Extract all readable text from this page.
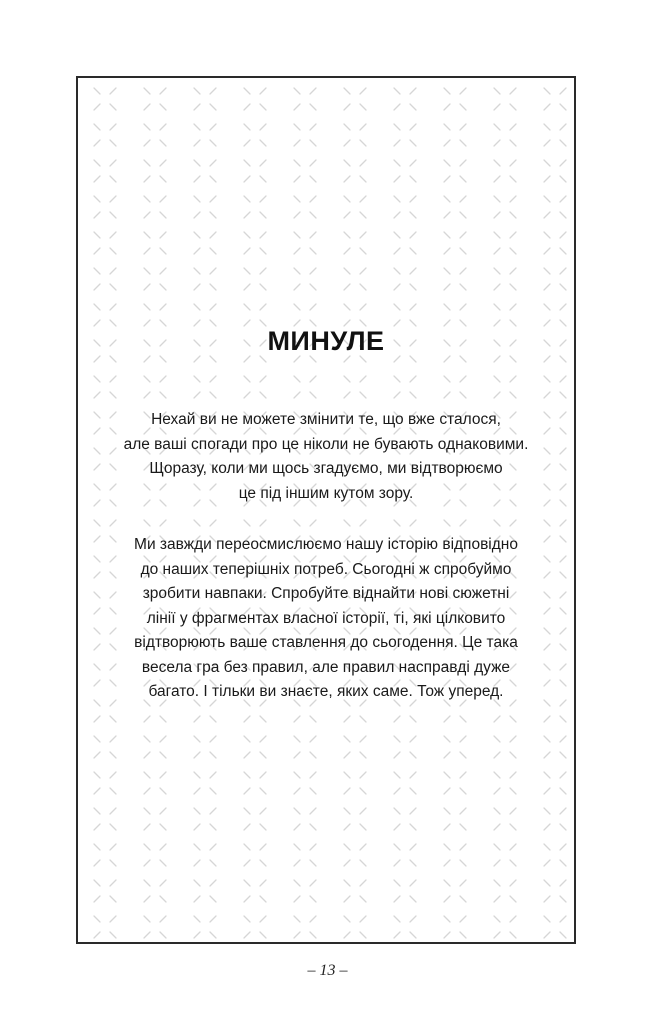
МИНУЛЕ
Нехай ви не можете змінити те, що вже сталося,
але ваші спогади про це ніколи не бувають однаковими.
Щоразу, коли ми щось згадуємо, ми відтворюємо
це під іншим кутом зору.
Ми завжди переосмислюємо нашу історію відповідно
до наших теперішніх потреб. Сьогодні ж спробуймо
зробити навпаки. Спробуйте віднайти нові сюжетні
лінії у фрагментах власної історії, ті, які цілковито
відтворюють ваше ставлення до сьогодення. Це така
весела гра без правил, але правил насправді дуже
багато. І тільки ви знаєте, яких саме. Тож уперед.
– 13 –
